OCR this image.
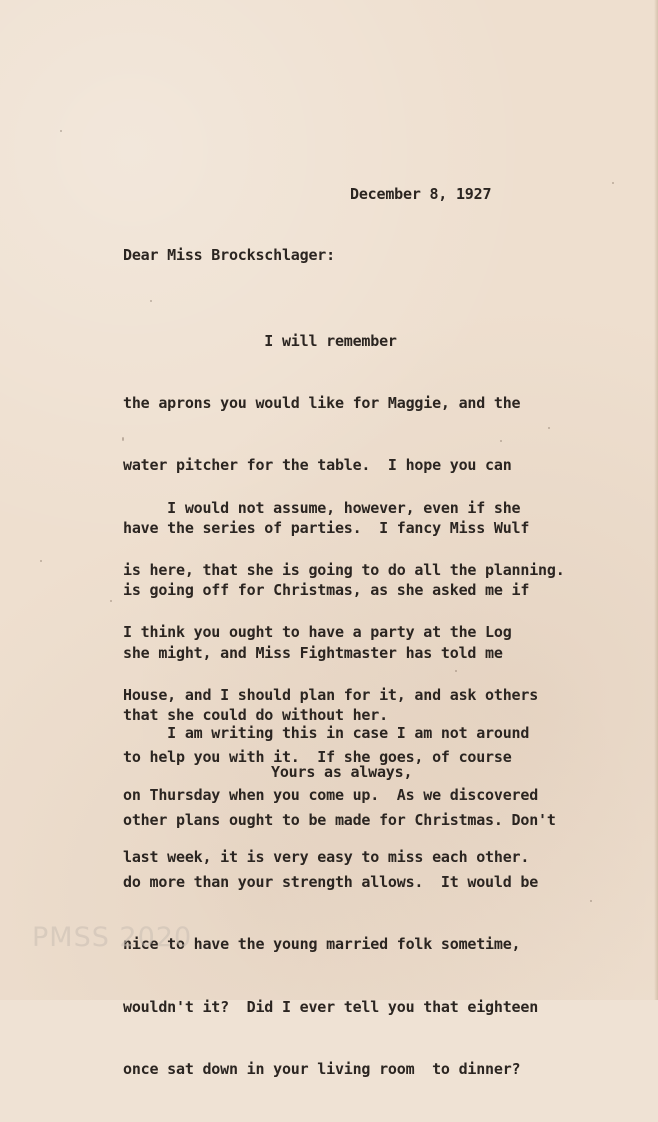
December 8, 1927
Dear Miss Brockschlager:

I will remember

the aprons you would like for Maggie, and the

water pitcher for the table.  I hope you can

have the series of parties.  I fancy Miss Wulf

is going off for Christmas, as she asked me if

she might, and Miss Fightmaster has told me

that she could do without her.

I would not assume, however, even if she

is here, that she is going to do all the planning.

I think you ought to have a party at the Log

House, and I should plan for it, and ask others

to help you with it.  If she goes, of course

other plans ought to be made for Christmas. Don't

do more than your strength allows.  It would be

nice to have the young married folk sometime,

wouldn't it?  Did I ever tell you that eighteen

once sat down in your living room  to dinner?

I am writing this in case I am not around

on Thursday when you come up.  As we discovered

last week, it is very easy to miss each other.

Yours as always,
PMSS 2020
